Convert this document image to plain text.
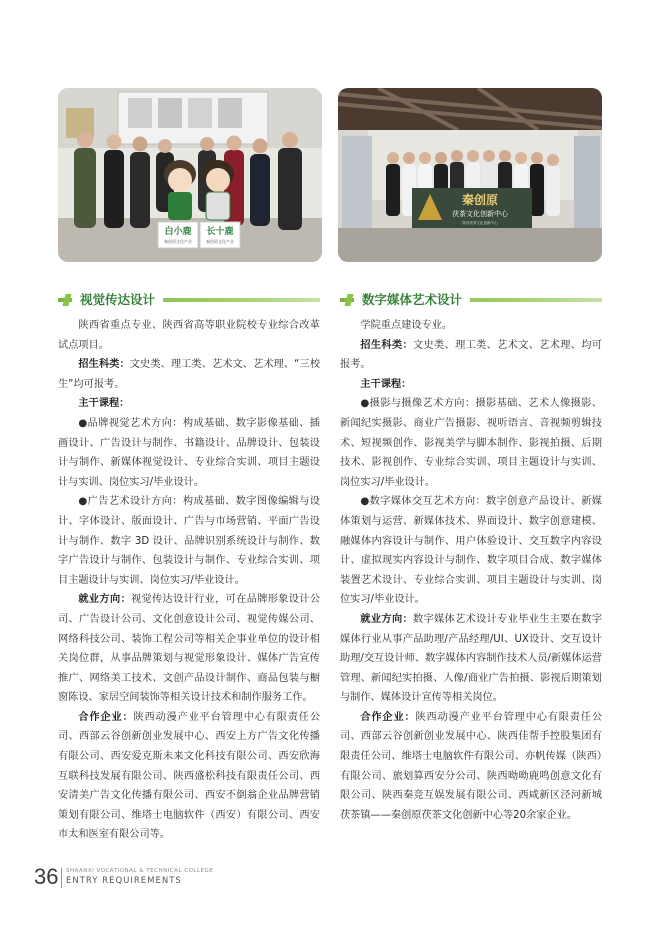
白小鹿
秦创原文化产业
长十鹿
秦创原文化产业
秦创原
茯茶文化创新中心
陕西茯茶文化创新中心
视觉传达设计

陕西省重点专业、陕西省高等职业院校专业综合改革试点项目。

招生科类：文史类、理工类、艺术文、艺术理、“三校生”均可报考。

主干课程：

●品牌视觉艺术方向：构成基础、数字影像基础、插画设计、广告设计与制作、书籍设计、品牌设计、包装设计与制作、新媒体视觉设计、专业综合实训、项目主题设计与实训、岗位实习/毕业设计。

●广告艺术设计方向：构成基础、数字图像编辑与设计、字体设计、版面设计、广告与市场营销、平面广告设计与制作、数字 3D 设计、品牌识别系统设计与制作、数字广告设计与制作、包装设计与制作、专业综合实训、项目主题设计与实训、岗位实习/毕业设计。

就业方向：视觉传达设计行业，可在品牌形象设计公司、广告设计公司、文化创意设计公司、视觉传媒公司、网络科技公司、装饰工程公司等相关企事业单位的设计相关岗位群，从事品牌策划与视觉形象设计、媒体广告宣传推广、网络美工技术、文创产品设计制作、商品包装与橱窗陈设、家居空间装饰等相关设计技术和制作服务工作。

合作企业：陕西动漫产业平台管理中心有限责任公司、西部云谷创新创业发展中心、西安上方广告文化传播有限公司、西安爱克斯未来文化科技有限公司、西安欣海互联科技发展有限公司、陕西盛松科技有限责任公司、西安清美广告文化传播有限公司、西安不倒翁企业品牌营销策划有限公司、维塔士电脑软件（西安）有限公司、西安市太和医室有限公司等。

数字媒体艺术设计

学院重点建设专业。

招生科类：文史类、理工类、艺术文、艺术理、均可报考。

主干课程：

●摄影与摄像艺术方向：摄影基础、艺术人像摄影、新闻纪实摄影、商业广告摄影、视听语言、音视频剪辑技术、短视频创作、影视美学与脚本制作、影视拍摄、后期技术、影视创作、专业综合实训、项目主题设计与实训、岗位实习/毕业设计。

●数字媒体交互艺术方向：数字创意产品设计、新媒体策划与运营、新媒体技术、界面设计、数字创意建模、融媒体内容设计与制作、用户体验设计、交互数字内容设计、虚拟现实内容设计与制作、数字项目合成、数字媒体装置艺术设计、专业综合实训、项目主题设计与实训、岗位实习/毕业设计。

就业方向：数字媒体艺术设计专业毕业生主要在数字媒体行业从事产品助理/产品经理/UI、UX设计、交互设计助理/交互设计师、数字媒体内容制作技术人员/新媒体运营管理、新闻纪实拍摄、人像/商业广告拍摄、影视后期策划与制作、媒体设计宣传等相关岗位。

合作企业：陕西动漫产业平台管理中心有限责任公司、西部云谷创新创业发展中心、陕西佳帮手控股集团有限责任公司、维塔士电脑软件有限公司、亦帆传媒（陕西）有限公司、旅划算西安分公司、陕西呦呦鹿鸣创意文化有限公司、陕西秦竞互娱发展有限公司、西咸新区泾河新城茯茶镇——秦创原茯茶文化创新中心等20余家企业。

36 SHAANXI VOCATIONAL & TECHNICAL COLLEGE
ENTRY REQUIREMENTS
